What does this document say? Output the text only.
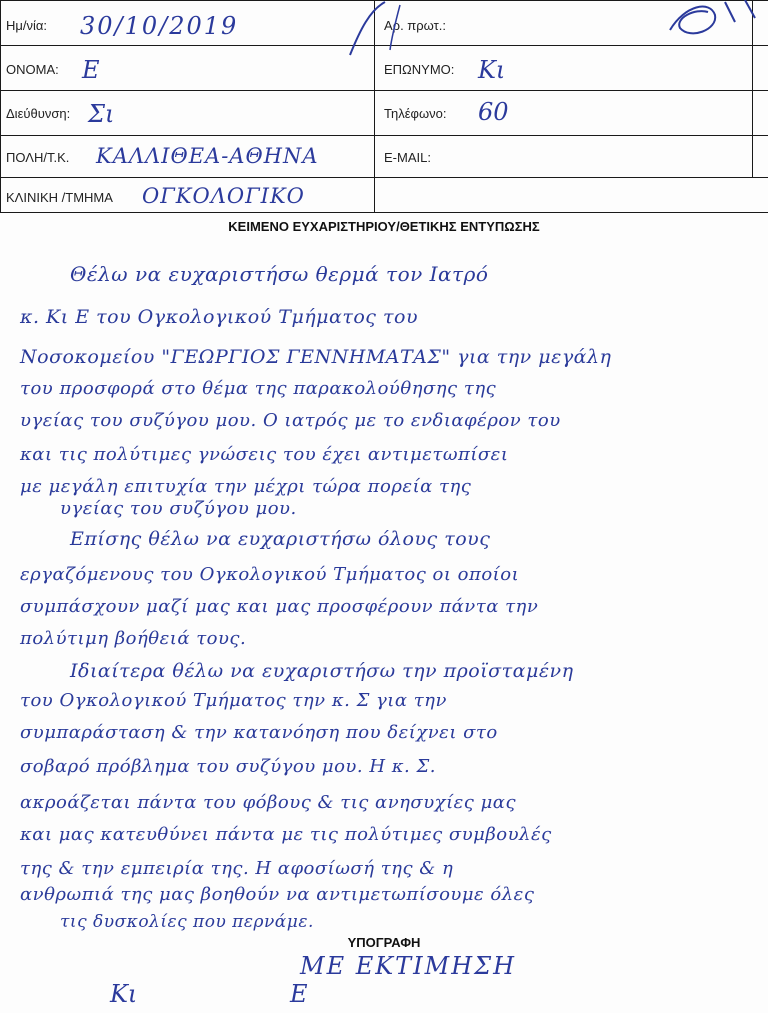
Ημ/νία: 30/10/2019	Αρ. πρωτ.:
ΟΝΟΜΑ: Ε	ΕΠΩΝΥΜΟ: Κι
Διεύθυνση: Σι	Τηλέφωνο: 60
ΠΟΛΗ/Τ.Κ. ΚΑΛΛΙΘΕΑ-ΑΘΗΝΑ	E-MAIL:
ΚΛΙΝΙΚΗ /ΤΜΗΜΑ ΟΓΚΟΛΟΓΙΚΟ
ΚΕΙΜΕΝΟ ΕΥΧΑΡΙΣΤΗΡΙΟΥ/ΘΕΤΙΚΗΣ ΕΝΤΥΠΩΣΗΣ
Θέλω να ευχαριστήσω θερμά τον Ιατρό
κ. Κι Ε του Ογκολογικού Τμήματος του
Νοσοκομείου "ΓΕΩΡΓΙΟΣ ΓΕΝΝΗΜΑΤΑΣ" για την μεγάλη
του προσφορά στο θέμα της παρακολούθησης της
υγείας του συζύγου μου. Ο ιατρός με το ενδιαφέρον του
και τις πολύτιμες γνώσεις του έχει αντιμετωπίσει
με μεγάλη επιτυχία την μέχρι τώρα πορεία της
υγείας του συζύγου μου.
Επίσης θέλω να ευχαριστήσω όλους τους
εργαζόμενους του Ογκολογικού Τμήματος οι οποίοι
συμπάσχουν μαζί μας και μας προσφέρουν πάντα την
πολύτιμη βοήθειά τους.
Ιδιαίτερα θέλω να ευχαριστήσω την προϊσταμένη
του Ογκολογικού Τμήματος την κ. Σ για την
συμπαράσταση & την κατανόηση που δείχνει στο
σοβαρό πρόβλημα του συζύγου μου. Η κ. Σ.
ακροάζεται πάντα του φόβους & τις ανησυχίες μας
και μας κατευθύνει πάντα με τις πολύτιμες συμβουλές
της & την εμπειρία της. Η αφοσίωσή της & η
ανθρωπιά της μας βοηθούν να αντιμετωπίσουμε όλες
τις δυσκολίες που περνάμε.
ΥΠΟΓΡΑΦΗ
ΜΕ ΕΚΤΙΜΗΣΗ
Κι	Ε
